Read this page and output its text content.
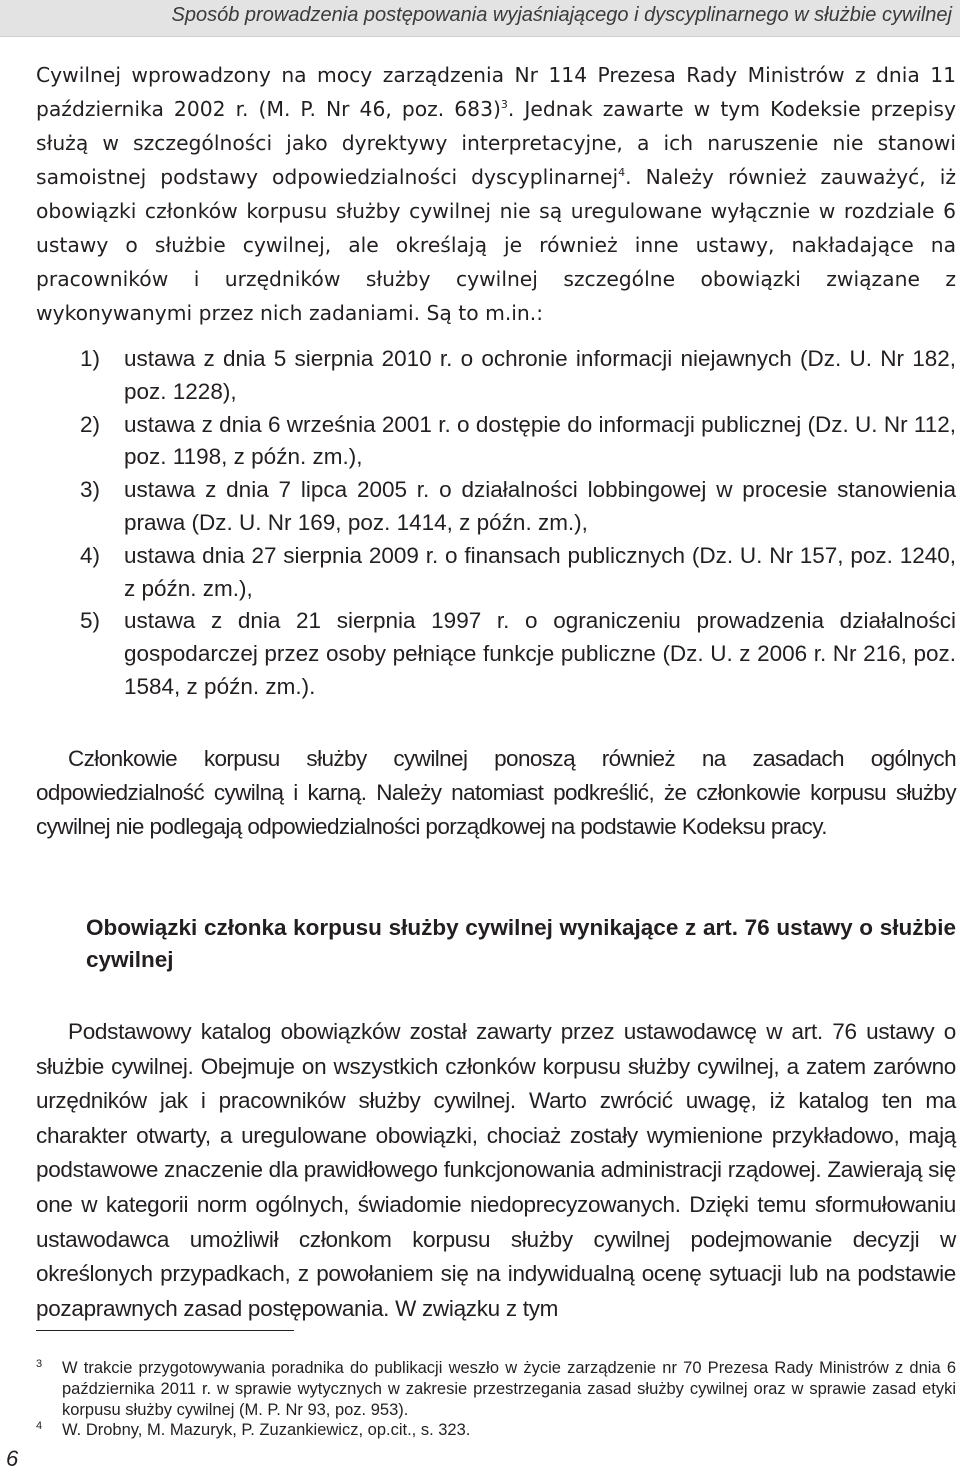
Sposób prowadzenia postępowania wyjaśniającego i dyscyplinarnego w służbie cywilnej

Cywilnej wprowadzony na mocy zarządzenia Nr 114 Prezesa Rady Ministrów z dnia 11 października 2002 r. (M. P. Nr 46, poz. 683)$^3$. Jednak zawarte w tym Kodeksie przepisy służą w szczególności jako dyrektywy interpretacyjne, a ich naruszenie nie stanowi samoistnej podstawy odpowiedzialności dyscyplinarnej$^4$. Należy również zauważyć, iż obowiązki członków korpusu służby cywilnej nie są uregulowane wyłącznie w rozdziale 6 ustawy o służbie cywilnej, ale określają je również inne ustawy, nakładające na pracowników i urzędników służby cywilnej szczególne obowiązki związane z wykonywanymi przez nich zadaniami. Są to m.in.:

1) ustawa z dnia 5 sierpnia 2010 r. o ochronie informacji niejawnych (Dz. U. Nr 182, poz. 1228),
2) ustawa z dnia 6 września 2001 r. o dostępie do informacji publicznej (Dz. U. Nr 112, poz. 1198, z późn. zm.),
3) ustawa z dnia 7 lipca 2005 r. o działalności lobbingowej w procesie stanowienia prawa (Dz. U. Nr 169, poz. 1414, z późn. zm.),
4) ustawa dnia 27 sierpnia 2009 r. o finansach publicznych (Dz. U. Nr 157, poz. 1240, z późn. zm.),
5) ustawa z dnia 21 sierpnia 1997 r. o ograniczeniu prowadzenia działalności gospodarczej przez osoby pełniące funkcje publiczne (Dz. U. z 2006 r. Nr 216, poz. 1584, z późn. zm.).

Członkowie korpusu służby cywilnej ponoszą również na zasadach ogólnych odpowiedzialność cywilną i karną. Należy natomiast podkreślić, że członkowie korpusu służby cywilnej nie podlegają odpowiedzialności porządkowej na podstawie Kodeksu pracy.

Obowiązki członka korpusu służby cywilnej wynikające z art. 76 ustawy o służbie cywilnej

Podstawowy katalog obowiązków został zawarty przez ustawodawcę w art. 76 ustawy o służbie cywilnej. Obejmuje on wszystkich członków korpusu służby cywilnej, a zatem zarówno urzędników jak i pracowników służby cywilnej. Warto zwrócić uwagę, iż katalog ten ma charakter otwarty, a uregulowane obowiązki, chociaż zostały wymienione przykładowo, mają podstawowe znaczenie dla prawidłowego funkcjonowania administracji rządowej. Zawierają się one w kategorii norm ogólnych, świadomie niedoprecyzowanych. Dzięki temu sformułowaniu ustawodawca umożliwił członkom korpusu służby cywilnej podejmowanie decyzji w określonych przypadkach, z powołaniem się na indywidualną ocenę sytuacji lub na podstawie pozaprawnych zasad postępowania. W związku z tym

3 W trakcie przygotowywania poradnika do publikacji weszło w życie zarządzenie nr 70 Prezesa Rady Ministrów z dnia 6 października 2011 r. w sprawie wytycznych w zakresie przestrzegania zasad służby cywilnej oraz w sprawie zasad etyki korpusu służby cywilnej (M. P. Nr 93, poz. 953).
4 W. Drobny, M. Mazuryk, P. Zuzankiewicz, op.cit., s. 323.
6
